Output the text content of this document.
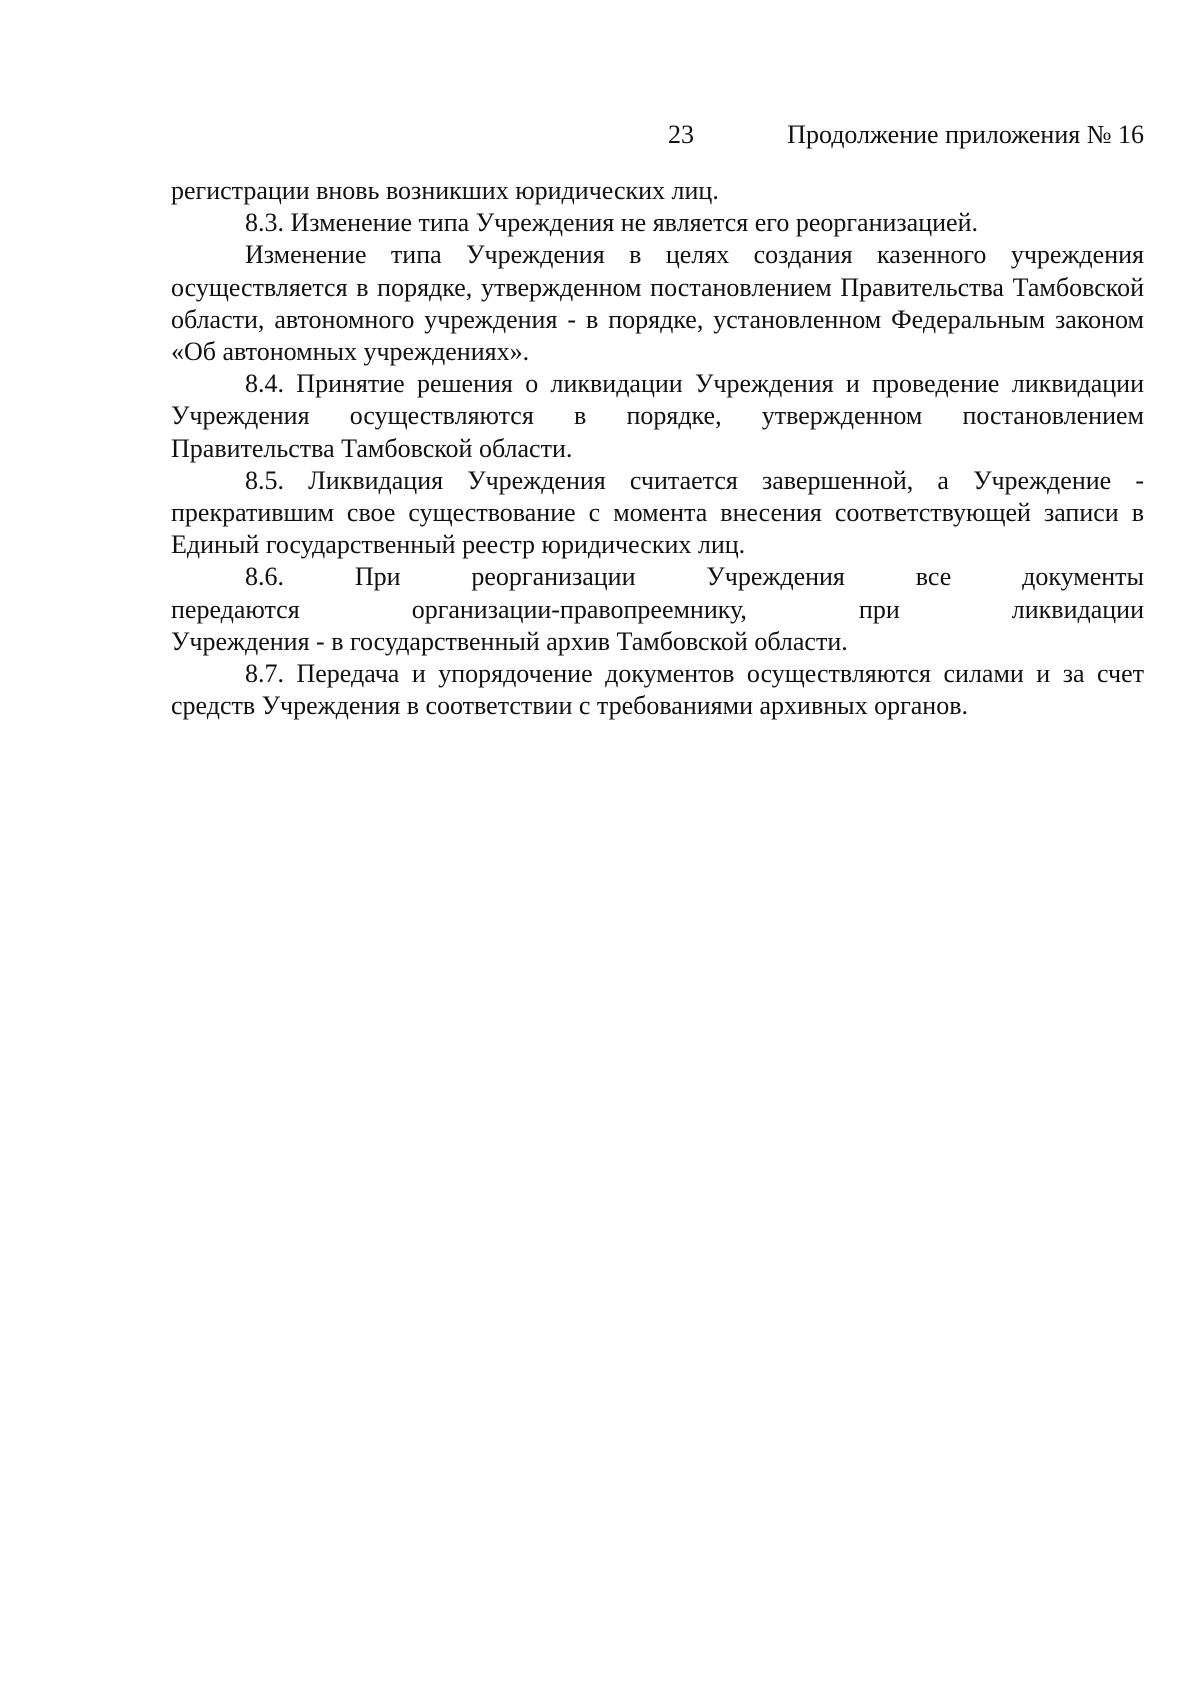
23	Продолжение приложения № 16

регистрации вновь возникших юридических лиц.

8.3. Изменение типа Учреждения не является его реорганизацией.

Изменение типа Учреждения в целях создания казенного учреждения осуществляется в порядке, утвержденном постановлением Правительства Тамбовской области, автономного учреждения - в порядке, установленном Федеральным законом «Об автономных учреждениях».

8.4. Принятие решения о ликвидации Учреждения и проведение ликвидации Учреждения осуществляются в порядке, утвержденном постановлением Правительства Тамбовской области.

8.5. Ликвидация Учреждения считается завершенной, а Учреждение - прекратившим свое существование с момента внесения соответствующей записи в Единый государственный реестр юридических лиц.

8.6. При реорганизации Учреждения все документы

передаются организации-правопреемнику, при ликвидации

Учреждения - в государственный архив Тамбовской области.

8.7. Передача и упорядочение документов осуществляются силами и за счет средств Учреждения в соответствии с требованиями архивных органов.
